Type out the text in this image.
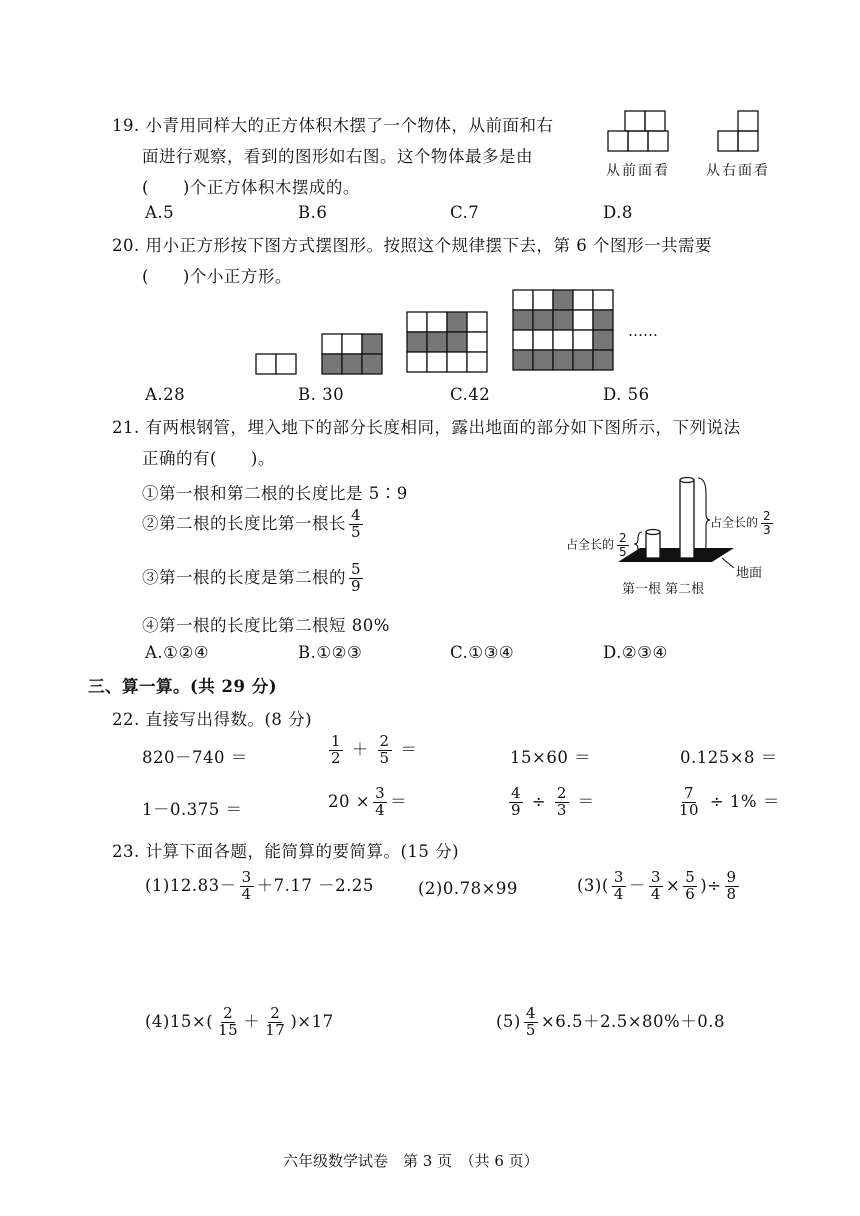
19. 小青用同样大的正方体积木摆了一个物体，从前面和右
面进行观察，看到的图形如右图。这个物体最多是由
(　　)个正方体积木摆成的。
从前面看	从右面看
A.5	B.6	C.7	D.8
20. 用小正方形按下图方式摆图形。按照这个规律摆下去，第 6 个图形一共需要
(　　)个小正方形。
……
A.28	B. 30	C.42	D. 56
21. 有两根钢管，埋入地下的部分长度相同，露出地面的部分如下图所示，下列说法
正确的有(　　)。
①第一根和第二根的长度比是 5∶9
②第二根的长度比第一根长 $\frac{4}{5}$
③第一根的长度是第二根的 $\frac{5}{9}$
④第一根的长度比第二根短 80%
占全长的 $\frac{2}{3}$
占全长的 $\frac{2}{5}$
地面
第一根 第二根
A.①②④	B.①②③	C.①③④	D.②③④
三、算一算。(共 29 分)
22. 直接写出得数。(8 分)
820－740 ＝	$\frac{1}{2} + \frac{2}{5}$ ＝	15×60 ＝	0.125×8 ＝
1－0.375 ＝	$20 \times \frac{3}{4}$ ＝	$\frac{4}{9} \div \frac{2}{3}$ ＝	$\frac{7}{10} \div 1\%$ ＝
23. 计算下面各题，能简算的要简算。(15 分)
$(1)12.83- \frac{3}{4} +7.17 -2.25$	(2)0.78×99	$(3)( \frac{3}{4} - \frac{3}{4} \times \frac{5}{6}$ )÷ $\frac{9}{8}$
$(4)15\times( \frac{2}{15} + \frac{2}{17} )\times 17$	$(5) \frac{4}{5} \times 6.5+2.5\times 80\%+0.8$
六年级数学试卷　第 3 页　（共 6 页）
